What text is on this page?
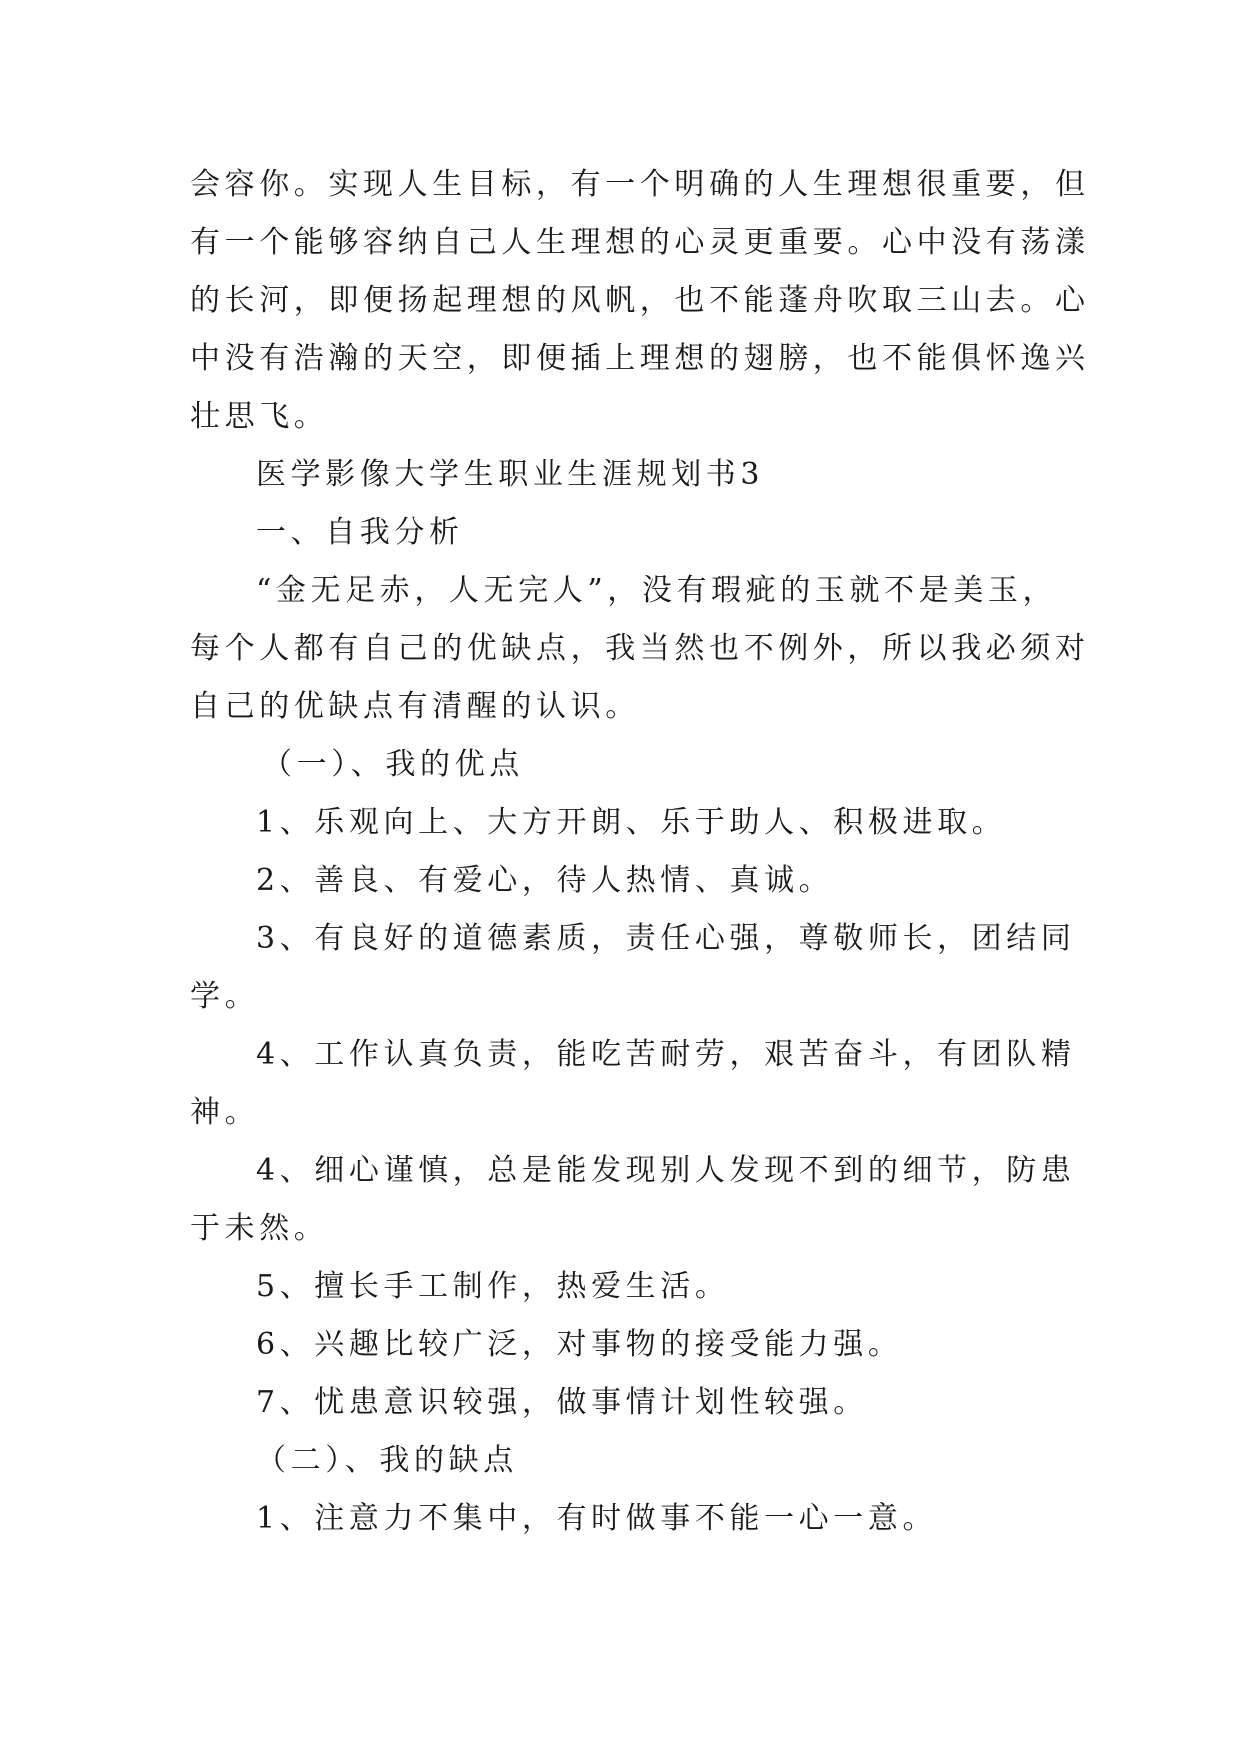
会容你。实现人生目标，有一个明确的人生理想很重要，但
有一个能够容纳自己人生理想的心灵更重要。心中没有荡漾
的长河，即便扬起理想的风帆，也不能蓬舟吹取三山去。心
中没有浩瀚的天空，即便插上理想的翅膀，也不能俱怀逸兴
壮思飞。
医学影像大学生职业生涯规划书3
一、自我分析
“金无足赤，人无完人”，没有瑕疵的玉就不是美玉，
每个人都有自己的优缺点，我当然也不例外，所以我必须对
自己的优缺点有清醒的认识。
（一）、我的优点
1、乐观向上、大方开朗、乐于助人、积极进取。
2、善良、有爱心，待人热情、真诚。
3、有良好的道德素质，责任心强，尊敬师长，团结同
学。
4、工作认真负责，能吃苦耐劳，艰苦奋斗，有团队精
神。
4、细心谨慎，总是能发现别人发现不到的细节，防患
于未然。
5、擅长手工制作，热爱生活。
6、兴趣比较广泛，对事物的接受能力强。
7、忧患意识较强，做事情计划性较强。
（二）、我的缺点
1、注意力不集中，有时做事不能一心一意。
